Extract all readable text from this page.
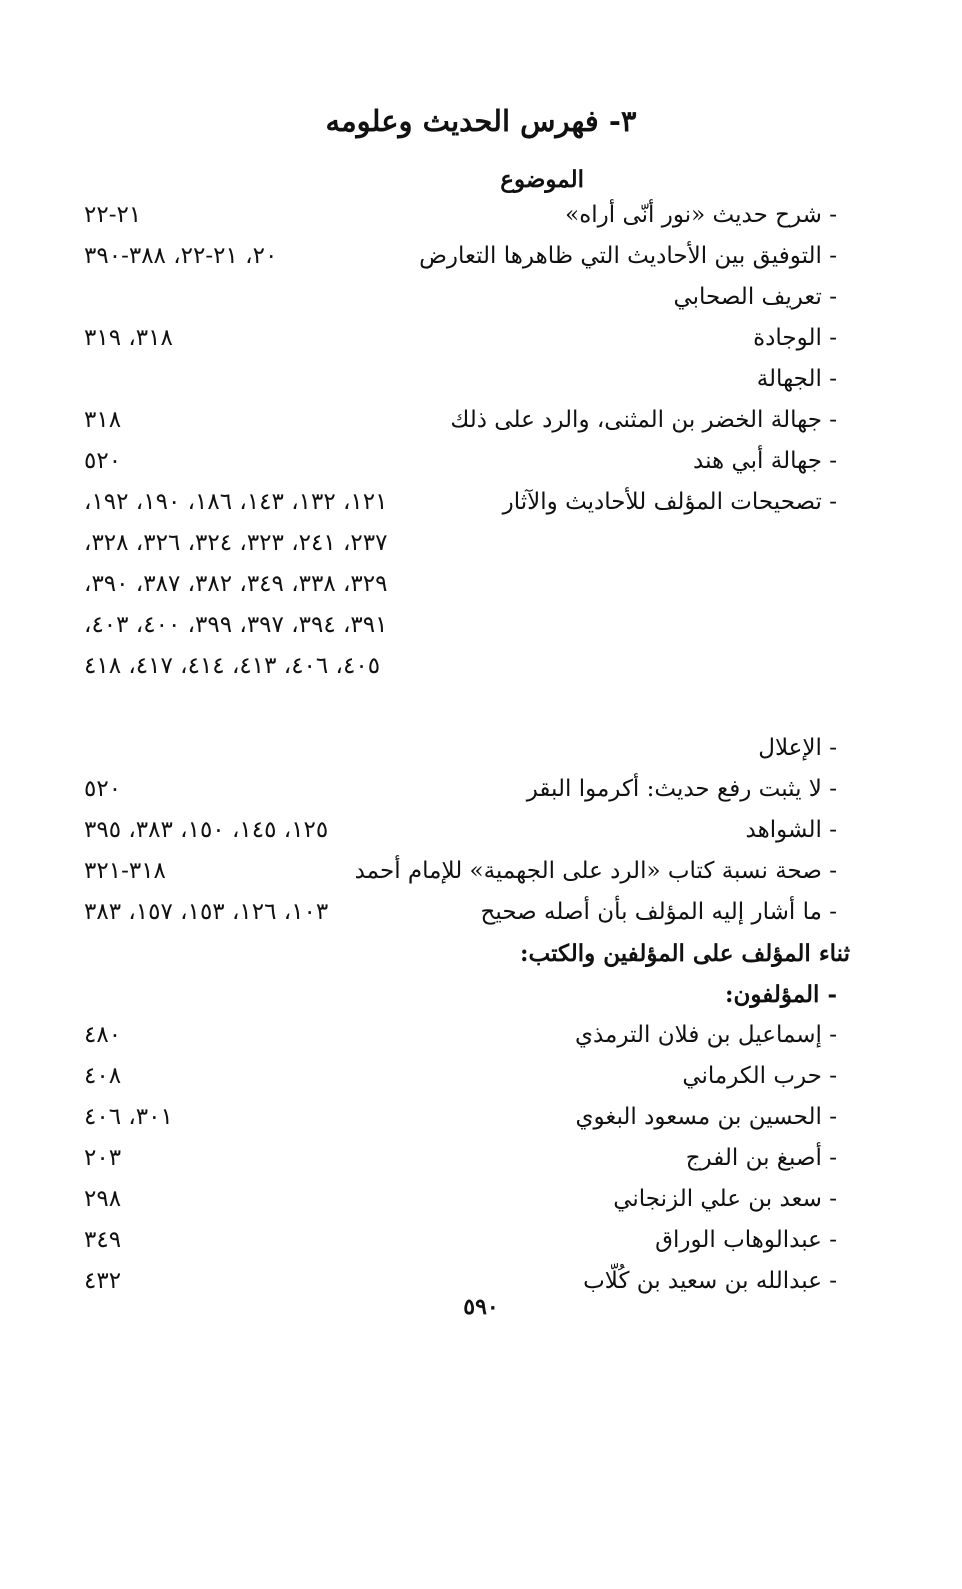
٣- فهرس الحديث وعلومه
الموضوع
- شرح حديث «نور أنّى أراه»
٢١-٢٢
- التوفيق بين الأحاديث التي ظاهرها التعارض
٢٠، ٢١-٢٢، ٣٨٨-٣٩٠
- تعريف الصحابي
- الوجادة
٣١٨، ٣١٩
- الجهالة
- جهالة الخضر بن المثنى، والرد على ذلك
٣١٨
- جهالة أبي هند
٥٢٠
- تصحيحات المؤلف للأحاديث والآثار
١٢١، ١٣٢، ١٤٣، ١٨٦، ١٩٠، ١٩٢،
٢٣٧، ٢٤١، ٣٢٣، ٣٢٤، ٣٢٦، ٣٢٨،
٣٢٩، ٣٣٨، ٣٤٩، ٣٨٢، ٣٨٧، ٣٩٠،
٣٩١، ٣٩٤، ٣٩٧، ٣٩٩، ٤٠٠، ٤٠٣،
٤٠٥، ٤٠٦، ٤١٣، ٤١٤، ٤١٧، ٤١٨
- الإعلال
- لا يثبت رفع حديث: أكرموا البقر
٥٢٠
- الشواهد
١٢٥، ١٤٥، ١٥٠، ٣٨٣، ٣٩٥
- صحة نسبة كتاب «الرد على الجهمية» للإمام أحمد
٣١٨-٣٢١
- ما أشار إليه المؤلف بأن أصله صحيح
١٠٣، ١٢٦، ١٥٣، ١٥٧، ٣٨٣
ثناء المؤلف على المؤلفين والكتب:
- المؤلفون:
- إسماعيل بن فلان الترمذي
٤٨٠
- حرب الكرماني
٤٠٨
- الحسين بن مسعود البغوي
٣٠١، ٤٠٦
- أصبغ بن الفرج
٢٠٣
- سعد بن علي الزنجاني
٢٩٨
- عبدالوهاب الوراق
٣٤٩
- عبدالله بن سعيد بن كُلّاب
٤٣٢
٥٩٠
